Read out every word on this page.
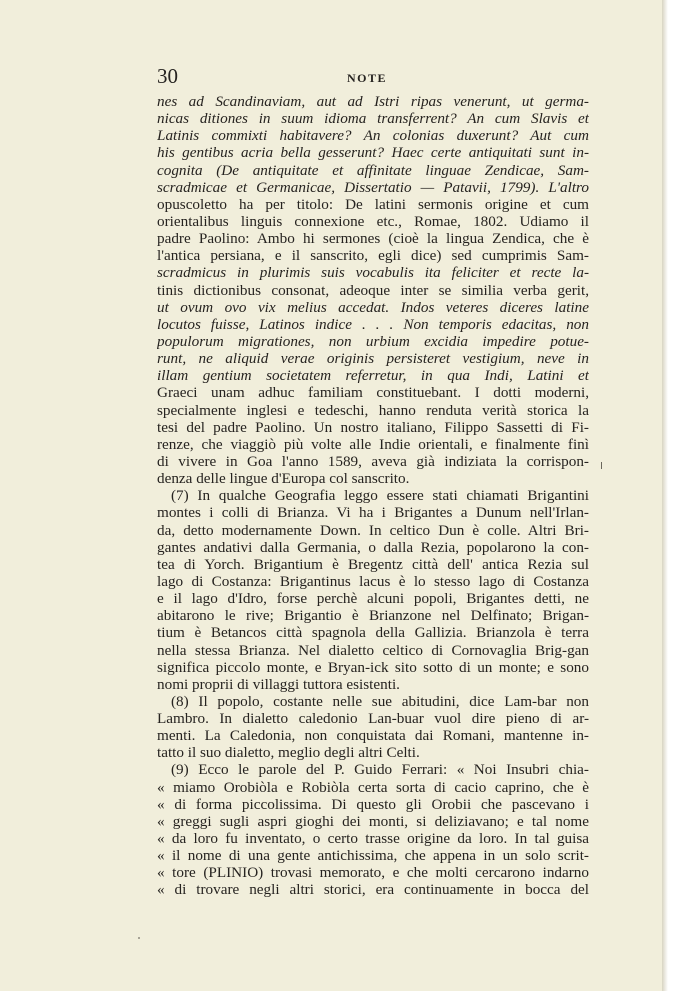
30	NOTE
nes ad Scandinaviam, aut ad Istri ripas venerunt, ut germa-
nicas ditiones in suum idioma transferrent? An cum Slavis et
Latinis commixti habitavere? An colonias duxerunt? Aut cum
his gentibus acria bella gesserunt? Haec certe antiquitati sunt in-
cognita (De antiquitate et affinitate linguae Zendicae, Sam-
scradmicae et Germanicae, Dissertatio — Patavii, 1799). L'altro
opuscoletto ha per titolo: De latini sermonis origine et cum
orientalibus linguis connexione etc., Romae, 1802. Udiamo il
padre Paolino: Ambo hi sermones (cioè la lingua Zendica, che è
l'antica persiana, e il sanscrito, egli dice) sed cumprimis Sam-
scradmicus in plurimis suis vocabulis ita feliciter et recte la-
tinis dictionibus consonat, adeoque inter se similia verba gerit,
ut ovum ovo vix melius accedat. Indos veteres diceres latine
locutos fuisse, Latinos indice . . . Non temporis edacitas, non
populorum migrationes, non urbium excidia impedire potue-
runt, ne aliquid verae originis persisteret vestigium, neve in
illam gentium societatem referretur, in qua Indi, Latini et
Graeci unam adhuc familiam constituebant. I dotti moderni,
specialmente inglesi e tedeschi, hanno renduta verità storica la
tesi del padre Paolino. Un nostro italiano, Filippo Sassetti di Fi-
renze, che viaggiò più volte alle Indie orientali, e finalmente finì
di vivere in Goa l'anno 1589, aveva già indiziata la corrispon-
denza delle lingue d'Europa col sanscrito.
(7) In qualche Geografia leggo essere stati chiamati Brigantini
montes i colli di Brianza. Vi ha i Brigantes a Dunum nell'Irlan-
da, detto modernamente Down. In celtico Dun è colle. Altri Bri-
gantes andativi dalla Germania, o dalla Rezia, popolarono la con-
tea di Yorch. Brigantium è Bregentz città dell' antica Rezia sul
lago di Costanza: Brigantinus lacus è lo stesso lago di Costanza
e il lago d'Idro, forse perchè alcuni popoli, Brigantes detti, ne
abitarono le rive; Brigantio è Brianzone nel Delfinato; Brigan-
tium è Betancos città spagnola della Gallizia. Brianzola è terra
nella stessa Brianza. Nel dialetto celtico di Cornovaglia Brig-gan
significa piccolo monte, e Bryan-ick sito sotto di un monte; e sono
nomi proprii di villaggi tuttora esistenti.
(8) Il popolo, costante nelle sue abitudini, dice Lam-bar non
Lambro. In dialetto caledonio Lan-buar vuol dire pieno di ar-
menti. La Caledonia, non conquistata dai Romani, mantenne in-
tatto il suo dialetto, meglio degli altri Celti.
(9) Ecco le parole del P. Guido Ferrari: « Noi Insubri chia-
« miamo Orobiòla e Robiòla certa sorta di cacio caprino, che è
« di forma piccolissima. Di questo gli Orobii che pascevano i
« greggi sugli aspri gioghi dei monti, si deliziavano; e tal nome
« da loro fu inventato, o certo trasse origine da loro. In tal guisa
« il nome di una gente antichissima, che appena in un solo scrit-
« tore (PLINIO) trovasi memorato, e che molti cercarono indarno
« di trovare negli altri storici, era continuamente in bocca del
